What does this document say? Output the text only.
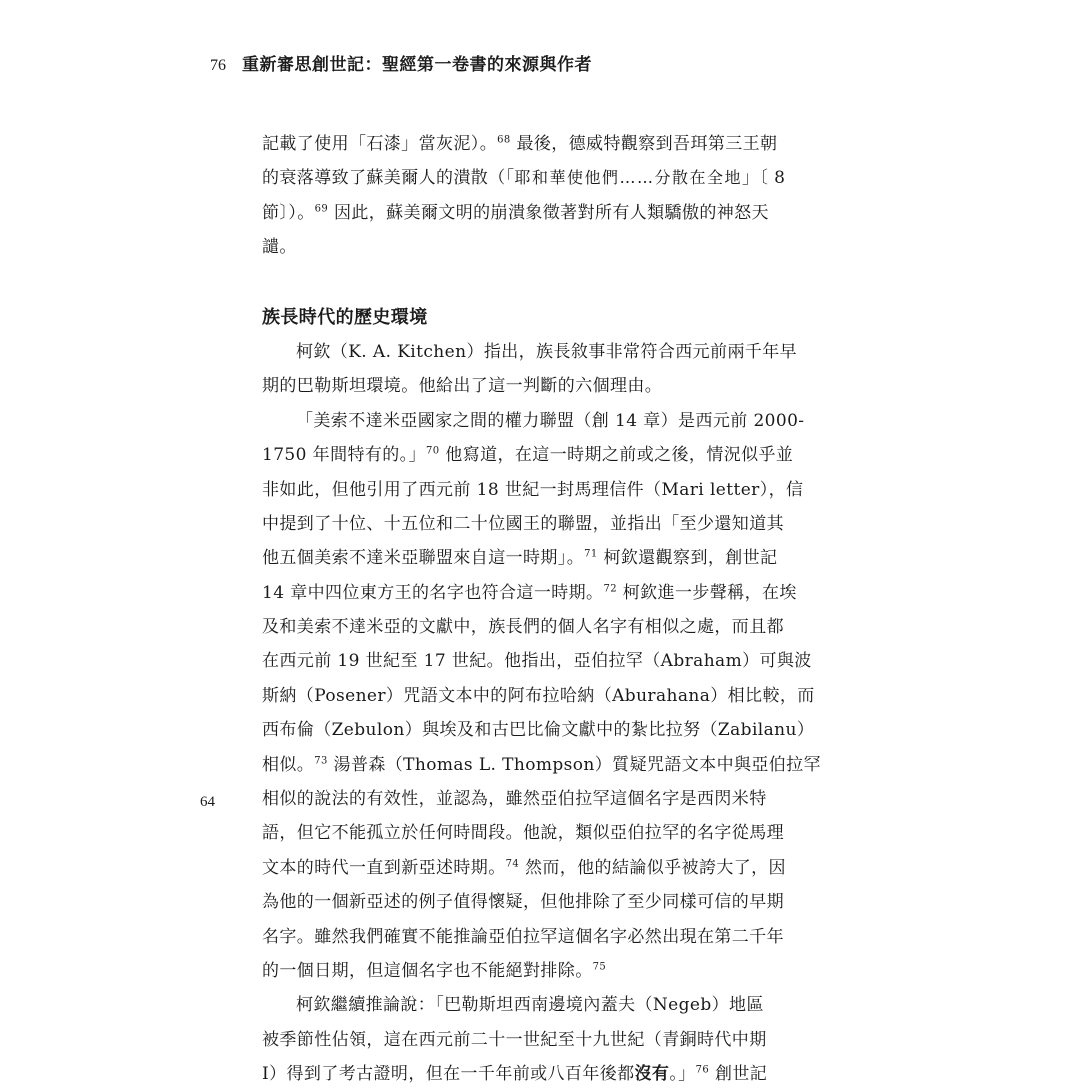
76 重新審思創世記：聖經第一卷書的來源與作者
64
記載了使用「石漆」當灰泥）。$^{68}$ 最後，德威特觀察到吾珥第三王朝
的衰落導致了蘇美爾人的潰散（「耶和華使他們……分散在全地」〔 8
節〕）。$^{69}$ 因此，蘇美爾文明的崩潰象徵著對所有人類驕傲的神怒天
譴。
族長時代的歷史環境
柯欽（K. A. Kitchen）指出，族長敘事非常符合西元前兩千年早
期的巴勒斯坦環境。他給出了這一判斷的六個理由。
「美索不達米亞國家之間的權力聯盟（創 14 章）是西元前 2000-
1750 年間特有的。」$^{70}$ 他寫道，在這一時期之前或之後，情況似乎並
非如此，但他引用了西元前 18 世紀一封馬理信件（Mari letter），信
中提到了十位、十五位和二十位國王的聯盟，並指出「至少還知道其
他五個美索不達米亞聯盟來自這一時期」。$^{71}$ 柯欽還觀察到，創世記
14 章中四位東方王的名字也符合這一時期。$^{72}$ 柯欽進一步聲稱，在埃
及和美索不達米亞的文獻中，族長們的個人名字有相似之處，而且都
在西元前 19 世紀至 17 世紀。他指出，亞伯拉罕（Abraham）可與波
斯納（Posener）咒語文本中的阿布拉哈納（Aburahana）相比較，而
西布倫（Zebulon）與埃及和古巴比倫文獻中的紮比拉努（Zabilanu）
相似。$^{73}$ 湯普森（Thomas L. Thompson）質疑咒語文本中與亞伯拉罕
相似的說法的有效性，並認為，雖然亞伯拉罕這個名字是西閃米特
語，但它不能孤立於任何時間段。他說，類似亞伯拉罕的名字從馬理
文本的時代一直到新亞述時期。$^{74}$ 然而，他的結論似乎被誇大了，因
為他的一個新亞述的例子值得懷疑，但他排除了至少同樣可信的早期
名字。雖然我們確實不能推論亞伯拉罕這個名字必然出現在第二千年
的一個日期，但這個名字也不能絕對排除。$^{75}$
柯欽繼續推論說：「巴勒斯坦西南邊境內蓋夫（Negeb）地區
被季節性佔領，這在西元前二十一世紀至十九世紀（青銅時代中期
I）得到了考古證明，但在一千年前或八百年後都沒有。」$^{76}$ 創世記
